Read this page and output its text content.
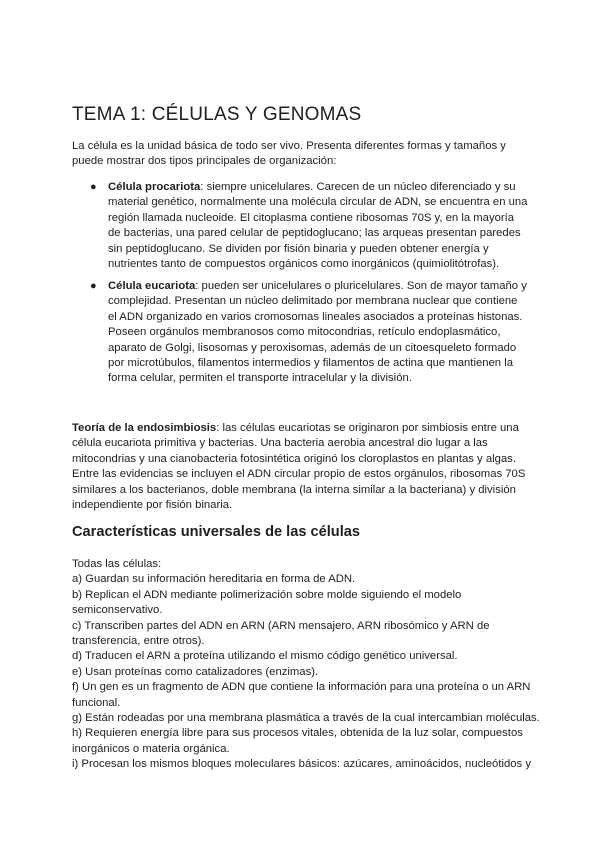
TEMA 1: CÉLULAS Y GENOMAS

La célula es la unidad básica de todo ser vivo. Presenta diferentes formas y tamaños y puede mostrar dos tipos principales de organización:

● Célula procariota: siempre unicelulares. Carecen de un núcleo diferenciado y su material genético, normalmente una molécula circular de ADN, se encuentra en una región llamada nucleoide. El citoplasma contiene ribosomas 70S y, en la mayoría de bacterias, una pared celular de peptidoglucano; las arqueas presentan paredes sin peptidoglucano. Se dividen por fisión binaria y pueden obtener energía y nutrientes tanto de compuestos orgánicos como inorgánicos (quimiolitótrofas).
● Célula eucariota: pueden ser unicelulares o pluricelulares. Son de mayor tamaño y complejidad. Presentan un núcleo delimitado por membrana nuclear que contiene el ADN organizado en varios cromosomas lineales asociados a proteínas histonas. Poseen orgánulos membranosos como mitocondrias, retículo endoplasmático, aparato de Golgi, lisosomas y peroxisomas, además de un citoesqueleto formado por microtúbulos, filamentos intermedios y filamentos de actina que mantienen la forma celular, permiten el transporte intracelular y la división.

Teoría de la endosimbiosis: las células eucariotas se originaron por simbiosis entre una célula eucariota primitiva y bacterias. Una bacteria aerobia ancestral dio lugar a las mitocondrias y una cianobacteria fotosintética originó los cloroplastos en plantas y algas. Entre las evidencias se incluyen el ADN circular propio de estos orgánulos, ribosomas 70S similares a los bacterianos, doble membrana (la interna similar a la bacteriana) y división independiente por fisión binaria.

Características universales de las células
Todas las células:
a) Guardan su información hereditaria en forma de ADN.
b) Replican el ADN mediante polimerización sobre molde siguiendo el modelo semiconservativo.
c) Transcriben partes del ADN en ARN (ARN mensajero, ARN ribosómico y ARN de transferencia, entre otros).
d) Traducen el ARN a proteína utilizando el mismo código genético universal.
e) Usan proteínas como catalizadores (enzimas).
f) Un gen es un fragmento de ADN que contiene la información para una proteína o un ARN funcional.
g) Están rodeadas por una membrana plasmática a través de la cual intercambian moléculas.
h) Requieren energía libre para sus procesos vitales, obtenida de la luz solar, compuestos inorgánicos o materia orgánica.
i) Procesan los mismos bloques moleculares básicos: azúcares, aminoácidos, nucleótidos y
